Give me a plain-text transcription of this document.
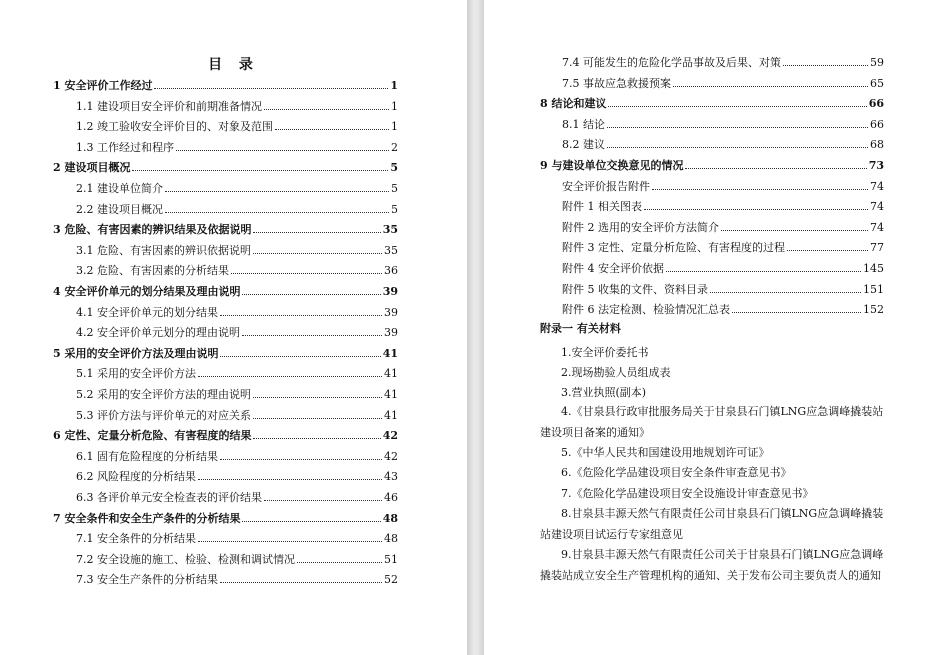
目 录
1 安全评价工作经过	1
1.1 建设项目安全评价和前期准备情况	1
1.2 竣工验收安全评价目的、对象及范围	1
1.3 工作经过和程序	2
2 建设项目概况	5
2.1 建设单位简介	5
2.2 建设项目概况	5
3 危险、有害因素的辨识结果及依据说明	35
3.1 危险、有害因素的辨识依据说明	35
3.2 危险、有害因素的分析结果	36
4 安全评价单元的划分结果及理由说明	39
4.1 安全评价单元的划分结果	39
4.2 安全评价单元划分的理由说明	39
5 采用的安全评价方法及理由说明	41
5.1 采用的安全评价方法	41
5.2 采用的安全评价方法的理由说明	41
5.3 评价方法与评价单元的对应关系	41
6 定性、定量分析危险、有害程度的结果	42
6.1 固有危险程度的分析结果	42
6.2 风险程度的分析结果	43
6.3 各评价单元安全检查表的评价结果	46
7 安全条件和安全生产条件的分析结果	48
7.1 安全条件的分析结果	48
7.2 安全设施的施工、检验、检测和调试情况	51
7.3 安全生产条件的分析结果	52
7.4 可能发生的危险化学品事故及后果、对策	59
7.5 事故应急救援预案	65
8 结论和建议	66
8.1 结论	66
8.2 建议	68
9 与建设单位交换意见的情况	73
安全评价报告附件	74
附件 1 相关图表	74
附件 2 选用的安全评价方法简介	74
附件 3 定性、定量分析危险、有害程度的过程	77
附件 4 安全评价依据	145
附件 5 收集的文件、资料目录	151
附件 6 法定检测、检验情况汇总表	152
附录一 有关材料
1.安全评价委托书
2.现场勘验人员组成表
3.营业执照(副本)
4.《甘泉县行政审批服务局关于甘泉县石门镇LNG应急调峰撬装站建设项目备案的通知》
5.《中华人民共和国建设用地规划许可证》
6.《危险化学品建设项目安全条件审查意见书》
7.《危险化学品建设项目安全设施设计审查意见书》
8.甘泉县丰源天然气有限责任公司甘泉县石门镇LNG应急调峰撬装站建设项目试运行专家组意见
9.甘泉县丰源天然气有限责任公司关于甘泉县石门镇LNG应急调峰撬装站成立安全生产管理机构的通知、关于发布公司主要负责人的通知
